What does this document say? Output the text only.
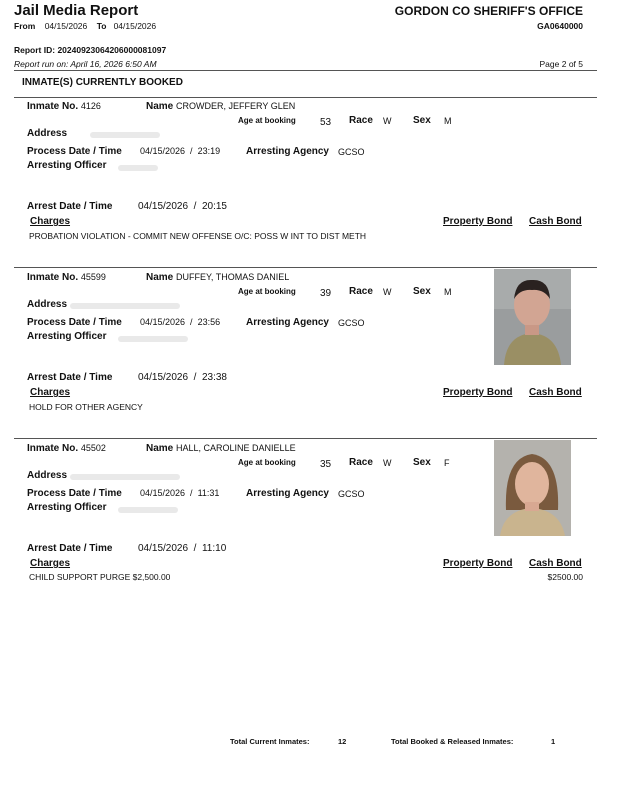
Jail Media Report
From 04/15/2026 To 04/15/2026
GORDON CO SHERIFF'S OFFICE
GA0640000
Report ID: 20240923064206000081097
Report run on: April 16, 2026 6:50 AM	Page 2 of 5
INMATE(S) CURRENTLY BOOKED
Inmate No. 4126	Name CROWDER, JEFFERY GLEN
Age at booking 53 Race W Sex M
Address
Process Date / Time 04/15/2026  /  23:19	Arresting Agency GCSO
Arresting Officer
Arrest Date / Time	04/15/2026  /  20:15
Charges	Property Bond Cash Bond
PROBATION VIOLATION - COMMIT NEW OFFENSE O/C: POSS W INT TO DIST METH
Inmate No. 45599	Name DUFFEY, THOMAS DANIEL
Age at booking 39 Race W Sex M
Address
Process Date / Time 04/15/2026  /  23:56	Arresting Agency GCSO
Arresting Officer
Arrest Date / Time	04/15/2026  /  23:38
Charges	Property Bond Cash Bond
HOLD FOR OTHER AGENCY
Inmate No. 45502	Name HALL, CAROLINE DANIELLE
Age at booking 35 Race W Sex F
Address
Process Date / Time 04/15/2026  /  11:31	Arresting Agency GCSO
Arresting Officer
Arrest Date / Time	04/15/2026  /  11:10
Charges	Property Bond Cash Bond
CHILD SUPPORT PURGE $2,500.00	$2500.00
Total Current Inmates:	12	Total Booked & Released Inmates:	1
